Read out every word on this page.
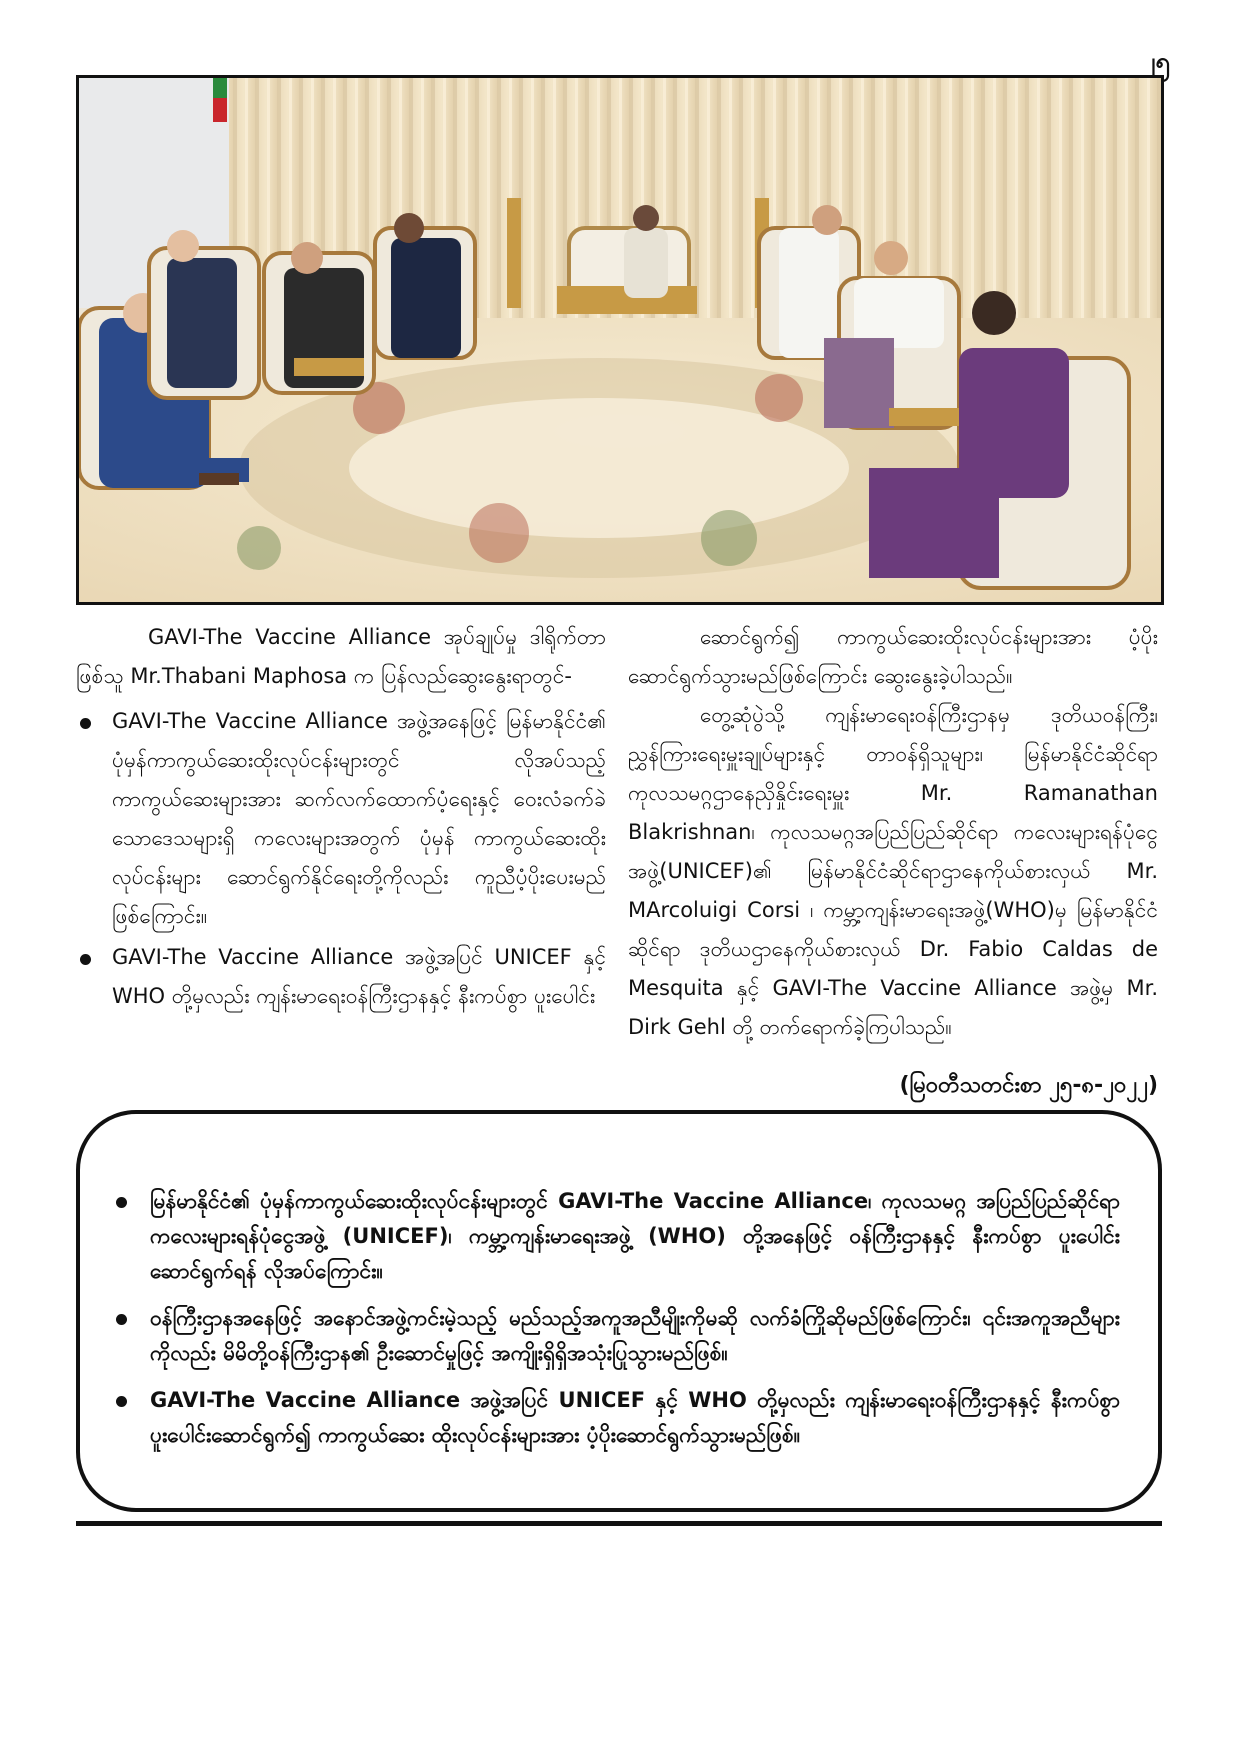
၂၅

GAVI-The Vaccine Alliance အုပ်ချုပ်မှု ဒါရိုက်တာဖြစ်သူ Mr.Thabani Maphosa က ပြန်လည်ဆွေးနွေးရာတွင်-

GAVI-The Vaccine Alliance အဖွဲ့အနေဖြင့် မြန်မာနိုင်ငံ၏ ပုံမှန်ကာကွယ်ဆေးထိုးလုပ်ငန်းများတွင် လိုအပ်သည့် ကာကွယ်ဆေးများအား ဆက်လက်ထောက်ပံ့ရေးနှင့် ဝေးလံခက်ခဲသောဒေသများရှိ ကလေးများအတွက် ပုံမှန် ကာကွယ်ဆေးထိုးလုပ်ငန်းများ ဆောင်ရွက်နိုင်ရေးတို့ကိုလည်း ကူညီပံ့ပိုးပေးမည်ဖြစ်ကြောင်း။
GAVI-The Vaccine Alliance အဖွဲ့အပြင် UNICEF နှင့် WHO တို့မှလည်း ကျန်းမာရေးဝန်ကြီးဌာနနှင့် နီးကပ်စွာ ပူးပေါင်း

ဆောင်ရွက်၍ ကာကွယ်ဆေးထိုးလုပ်ငန်းများအား ပံ့ပိုးဆောင်ရွက်သွားမည်ဖြစ်ကြောင်း ဆွေးနွေးခဲ့ပါသည်။

တွေ့ဆုံပွဲသို့ ကျန်းမာရေးဝန်ကြီးဌာနမှ ဒုတိယဝန်ကြီး၊ ညွှန်ကြားရေးမှူးချုပ်များနှင့် တာဝန်ရှိသူများ၊ မြန်မာနိုင်ငံဆိုင်ရာ ကုလသမဂ္ဂဌာနေညှိနှိုင်းရေးမှူး Mr. Ramanathan Blakrishnan၊ ကုလသမဂ္ဂအပြည်ပြည်ဆိုင်ရာ ကလေးများရန်ပုံငွေအဖွဲ့(UNICEF)၏ မြန်မာနိုင်ငံဆိုင်ရာဌာနေကိုယ်စားလှယ် Mr. MArcoluigi Corsi ၊ ကမ္ဘာ့ကျန်းမာရေးအဖွဲ့(WHO)မှ မြန်မာနိုင်ငံဆိုင်ရာ ဒုတိယဌာနေကိုယ်စားလှယ် Dr. Fabio Caldas de Mesquita နှင့် GAVI-The Vaccine Alliance အဖွဲ့မှ Mr. Dirk Gehl တို့ တက်ရောက်ခဲ့ကြပါသည်။

(မြဝတီသတင်းစာ ၂၅-၈-၂၀၂၂)
မြန်မာနိုင်ငံ၏ ပုံမှန်ကာကွယ်ဆေးထိုးလုပ်ငန်းများတွင် GAVI-The Vaccine Alliance၊ ကုလသမဂ္ဂ အပြည်ပြည်ဆိုင်ရာ ကလေးများရန်ပုံငွေအဖွဲ့ (UNICEF)၊ ကမ္ဘာ့ကျန်းမာရေးအဖွဲ့ (WHO) တို့အနေဖြင့် ဝန်ကြီးဌာနနှင့် နီးကပ်စွာ ပူးပေါင်းဆောင်ရွက်ရန် လိုအပ်ကြောင်း။
ဝန်ကြီးဌာနအနေဖြင့် အနောင်အဖွဲ့ကင်းမဲ့သည့် မည်သည့်အကူအညီမျိုးကိုမဆို လက်ခံကြိုဆိုမည်ဖြစ်ကြောင်း၊ ၎င်းအကူအညီများကိုလည်း မိမိတို့ဝန်ကြီးဌာန၏ ဦးဆောင်မှုဖြင့် အကျိုးရှိရှိအသုံးပြုသွားမည်ဖြစ်။
GAVI-The Vaccine Alliance အဖွဲ့အပြင် UNICEF နှင့် WHO တို့မှလည်း ကျန်းမာရေးဝန်ကြီးဌာနနှင့် နီးကပ်စွာ ပူးပေါင်းဆောင်ရွက်၍ ကာကွယ်ဆေး ထိုးလုပ်ငန်းများအား ပံ့ပိုးဆောင်ရွက်သွားမည်ဖြစ်။
